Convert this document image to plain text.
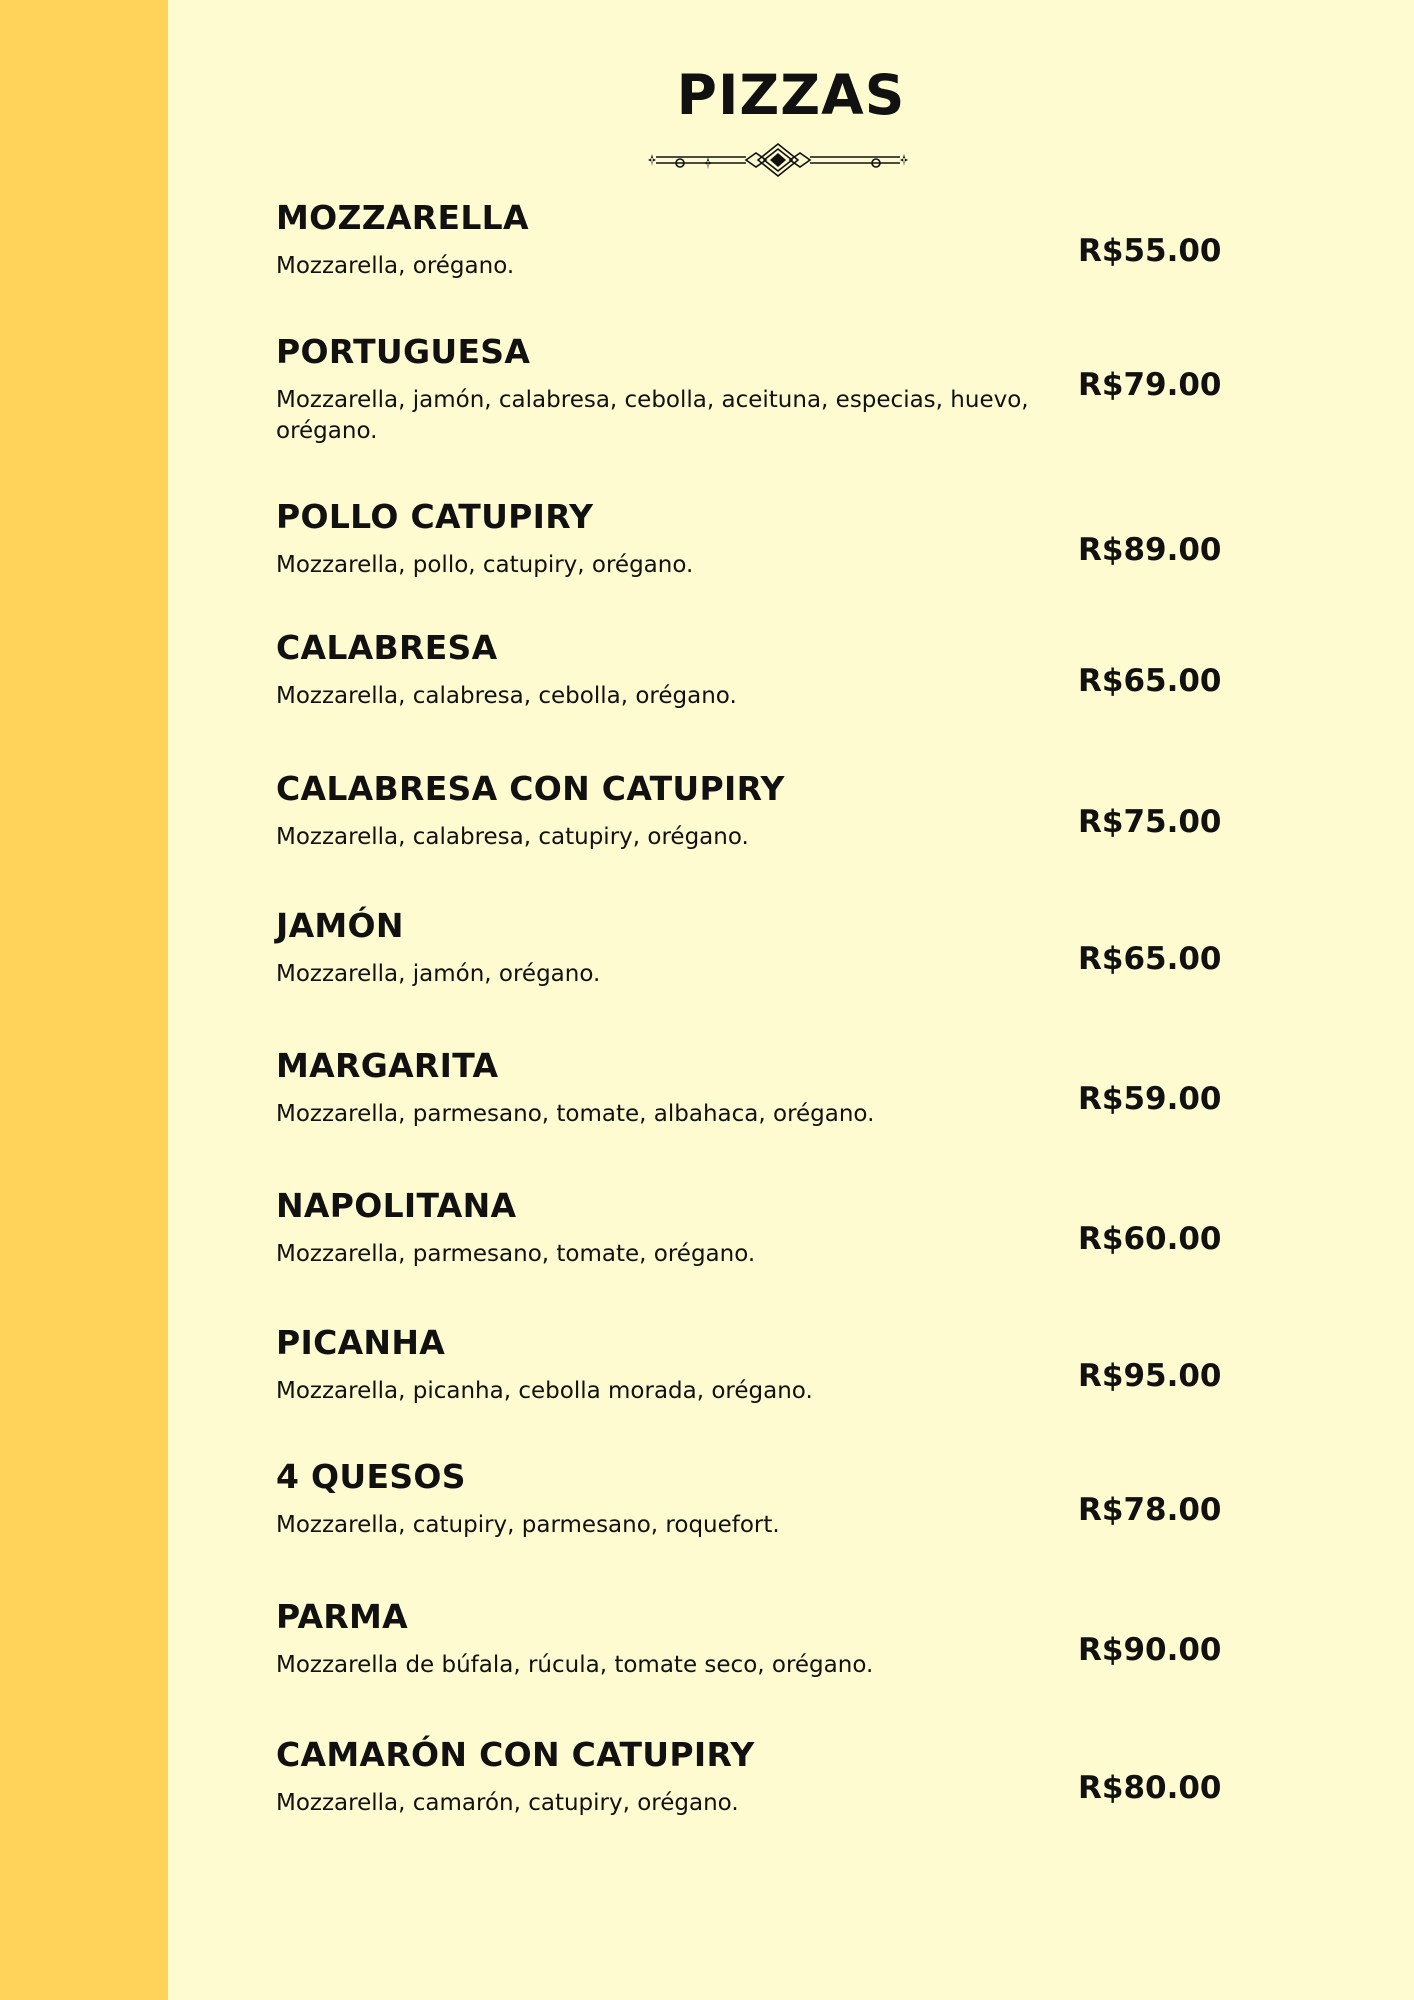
PIZZAS
MOZZARELLA
Mozzarella, orégano.	R$55.00
PORTUGUESA
Mozzarella, jamón, calabresa, cebolla, aceituna, especias, huevo, orégano.
R$79.00
POLLO CATUPIRY
Mozzarella, pollo, catupiry, orégano.	R$89.00
CALABRESA
Mozzarella, calabresa, cebolla, orégano.	R$65.00
CALABRESA CON CATUPIRY
Mozzarella, calabresa, catupiry, orégano.	R$75.00
JAMÓN
Mozzarella, jamón, orégano.	R$65.00
MARGARITA
Mozzarella, parmesano, tomate, albahaca, orégano.	R$59.00
NAPOLITANA
Mozzarella, parmesano, tomate, orégano.	R$60.00
PICANHA
Mozzarella, picanha, cebolla morada, orégano.	R$95.00
4 QUESOS
Mozzarella, catupiry, parmesano, roquefort.	R$78.00
PARMA
Mozzarella de búfala, rúcula, tomate seco, orégano.	R$90.00
CAMARÓN CON CATUPIRY
Mozzarella, camarón, catupiry, orégano.	R$80.00
